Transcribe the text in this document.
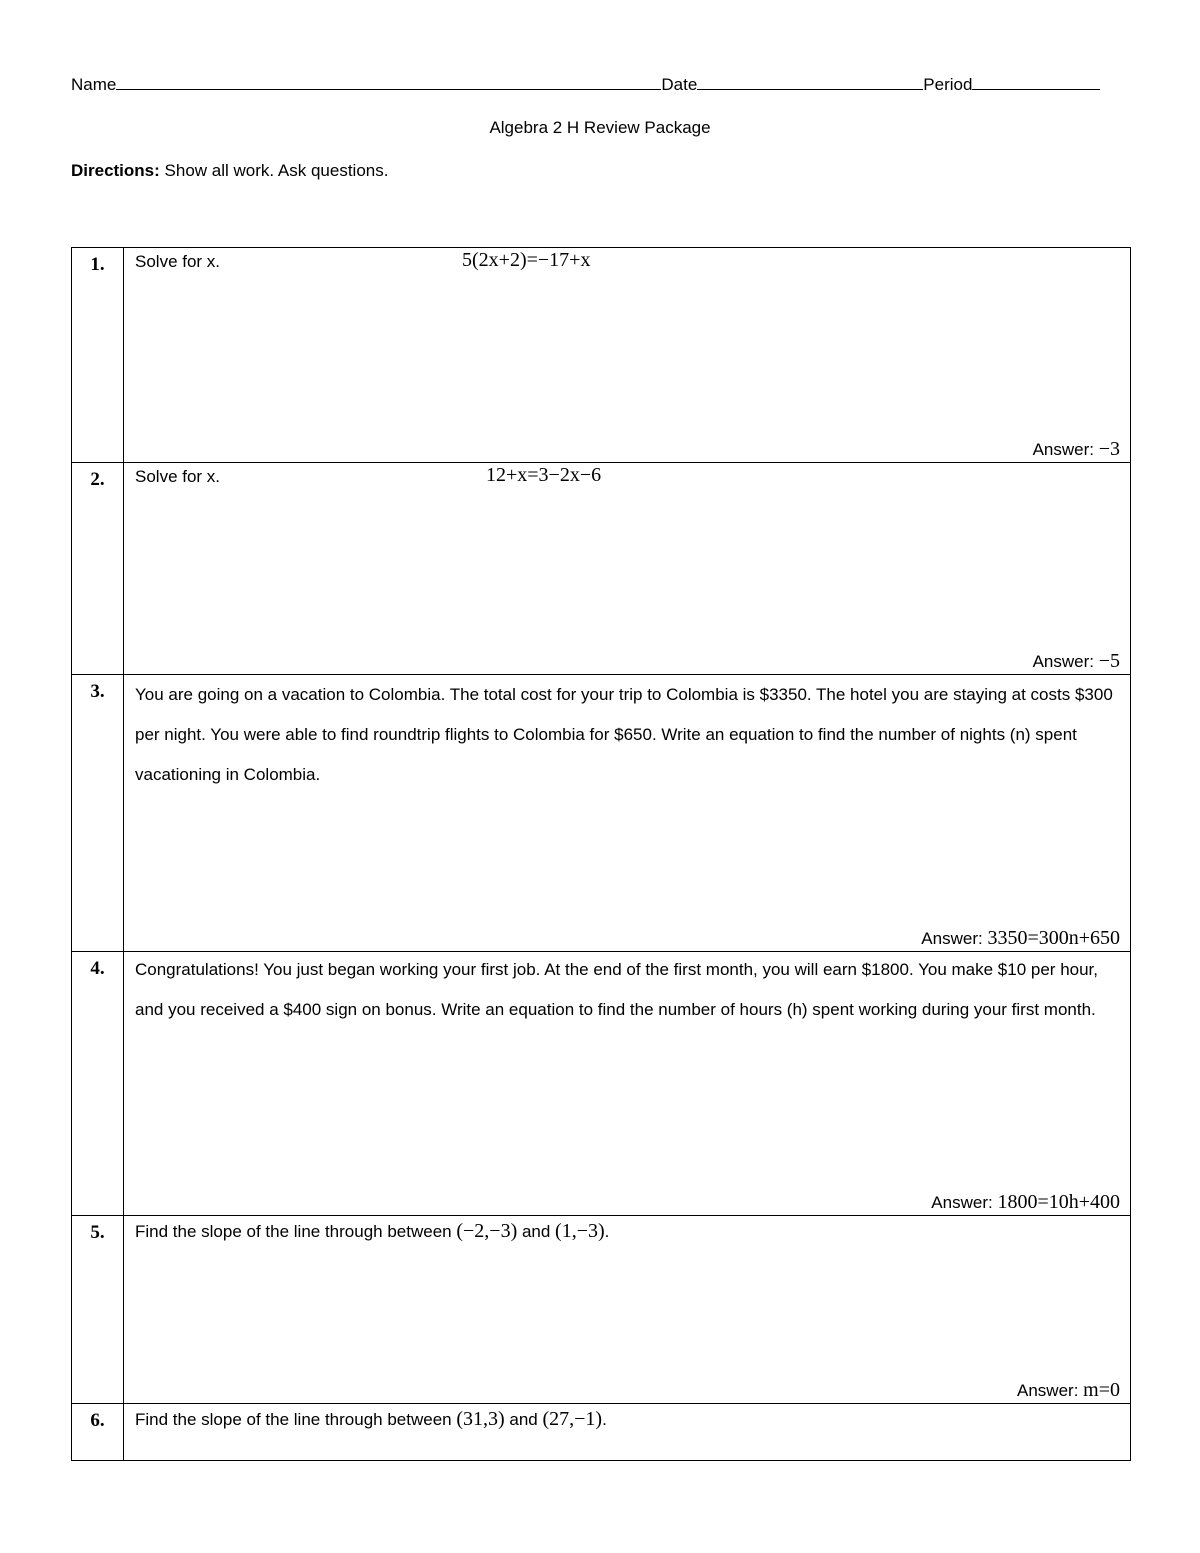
Name	Date	Period
Algebra 2 H Review Package
Directions: Show all work. Ask questions.
1.	Solve for x. 5(2x+2)=−17+x
Answer: −3

2.	Solve for x. 12+x=3−2x−6
Answer: −5

3.	You are going on a vacation to Colombia. The total cost for your trip to Colombia is $3350. The hotel you are staying at costs $300 per night. You were able to find roundtrip flights to Colombia for $650. Write an equation to find the number of nights (n) spent vacationing in Colombia.
Answer: 3350=300n+650

4.	Congratulations! You just began working your first job. At the end of the first month, you will earn $1800. You make $10 per hour, and you received a $400 sign on bonus. Write an equation to find the number of hours (h) spent working during your first month.
Answer: 1800=10h+400

5.	Find the slope of the line through between (−2,−3) and (1,−3).
Answer: m=0

6.	Find the slope of the line through between (31,3) and (27,−1).
